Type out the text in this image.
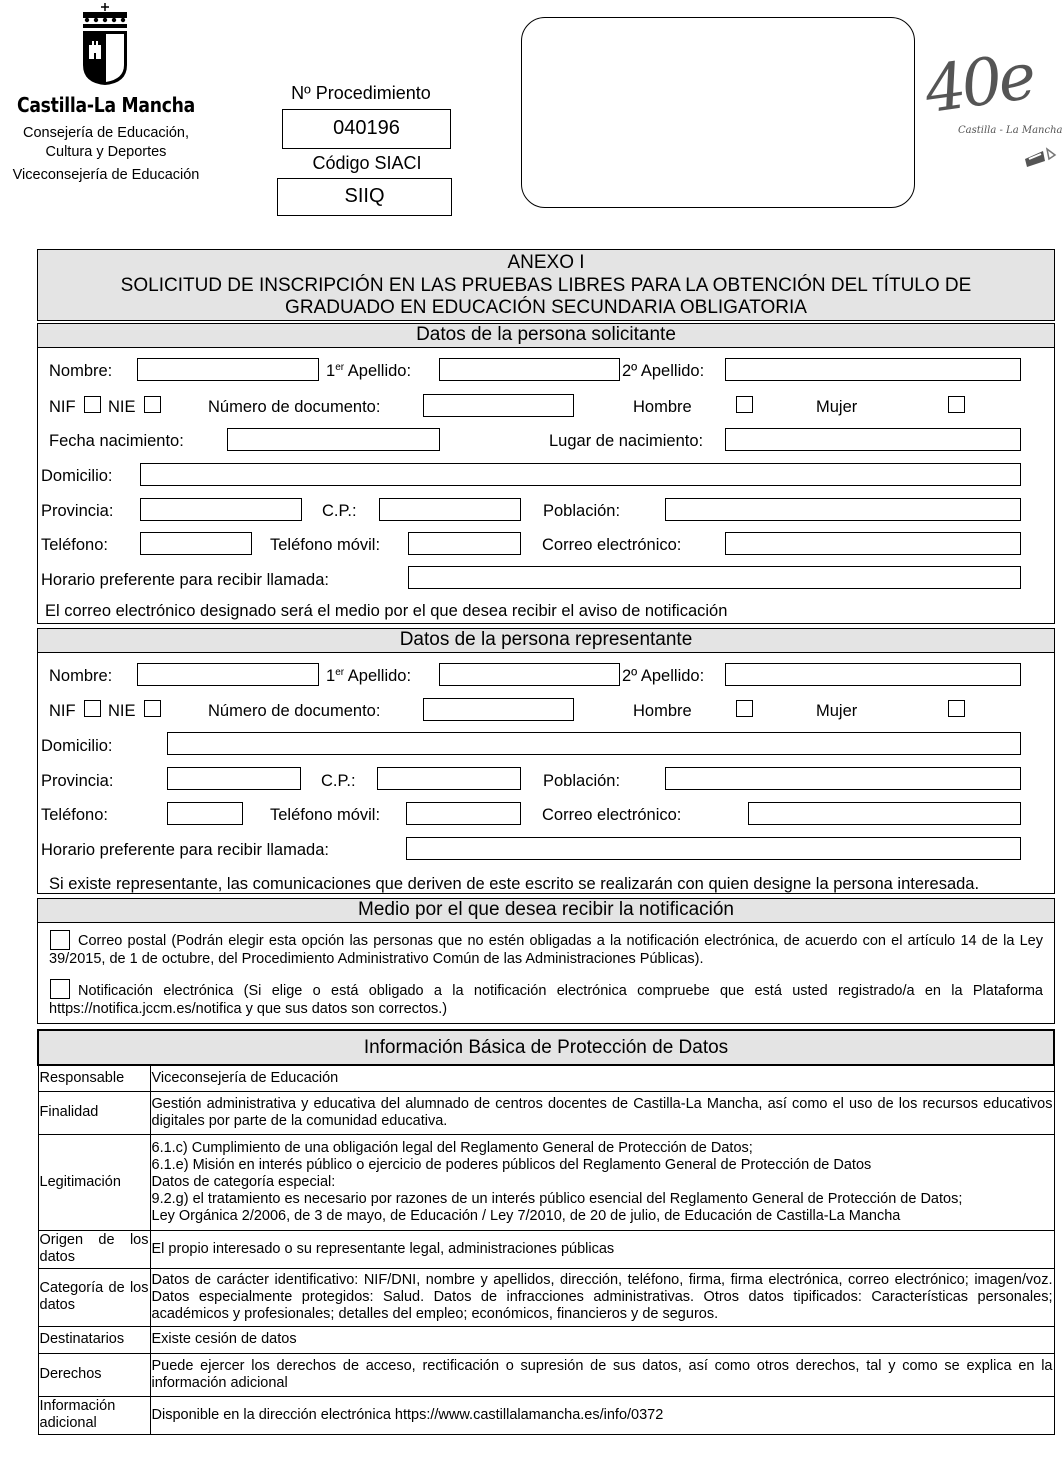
Castilla-La Mancha
Consejería de Educación,
Cultura y Deportes
Viceconsejería de Educación
Nº Procedimiento
040196
Código SIACI
SIIQ
40e
Castilla - La Mancha
ANEXO I
SOLICITUD DE INSCRIPCIÓN EN LAS PRUEBAS LIBRES PARA LA OBTENCIÓN DEL TÍTULO DE
GRADUADO EN EDUCACIÓN SECUNDARIA OBLIGATORIA
Datos de la persona solicitante
Nombre:	1er Apellido:	2º Apellido:
NIF NIE	Número de documento:	Hombre	Mujer
Fecha nacimiento:	Lugar de nacimiento:
Domicilio:
Provincia:	C.P.:	Población:
Teléfono:	Teléfono móvil:	Correo electrónico:
Horario preferente para recibir llamada:
El correo electrónico designado será el medio por el que desea recibir el aviso de notificación
Datos de la persona representante
Nombre:	1er Apellido:	2º Apellido:
NIF NIE	Número de documento:	Hombre	Mujer
Domicilio:
Provincia:	C.P.:	Población:
Teléfono:	Teléfono móvil:	Correo electrónico:
Horario preferente para recibir llamada:
Si existe representante, las comunicaciones que deriven de este escrito se realizarán con quien designe la persona interesada.
Medio por el que desea recibir la notificación
Correo postal (Podrán elegir esta opción las personas que no estén obligadas a la notificación electrónica, de acuerdo con el artículo 14 de la Ley 39/2015, de 1 de octubre, del Procedimiento Administrativo Común de las Administraciones Públicas).
Notificación electrónica (Si elige o está obligado a la notificación electrónica compruebe que está usted registrado/a en la Plataforma https://notifica.jccm.es/notifica y que sus datos son correctos.)
Información Básica de Protección de Datos	
Responsable	Viceconsejería de Educación
Finalidad	Gestión administrativa y educativa del alumnado de centros docentes de Castilla-La Mancha, así como el uso de los recursos educativos digitales por parte de la comunidad educativa.
Legitimación	6.1.c) Cumplimiento de una obligación legal del Reglamento General de Protección de Datos;
6.1.e) Misión en interés público o ejercicio de poderes públicos del Reglamento General de Protección de Datos
Datos de categoría especial:
9.2.g) el tratamiento es necesario por razones de un interés público esencial del Reglamento General de Protección de Datos;
Ley Orgánica 2/2006, de 3 de mayo, de Educación / Ley 7/2010, de 20 de julio, de Educación de Castilla-La Mancha

Origen de los datos	El propio interesado o su representante legal, administraciones públicas
Categoría de los datos	Datos de carácter identificativo: NIF/DNI, nombre y apellidos, dirección, teléfono, firma, firma electrónica, correo electrónico; imagen/voz. Datos especialmente protegidos: Salud. Datos de infracciones administrativas. Otros datos tipificados: Características personales; académicos y profesionales; detalles del empleo; económicos, financieros y de seguros.
Destinatarios	Existe cesión de datos
Derechos	Puede ejercer los derechos de acceso, rectificación o supresión de sus datos, así como otros derechos, tal y como se explica en la información adicional
Información adicional	Disponible en la dirección electrónica https://www.castillalamancha.es/info/0372
